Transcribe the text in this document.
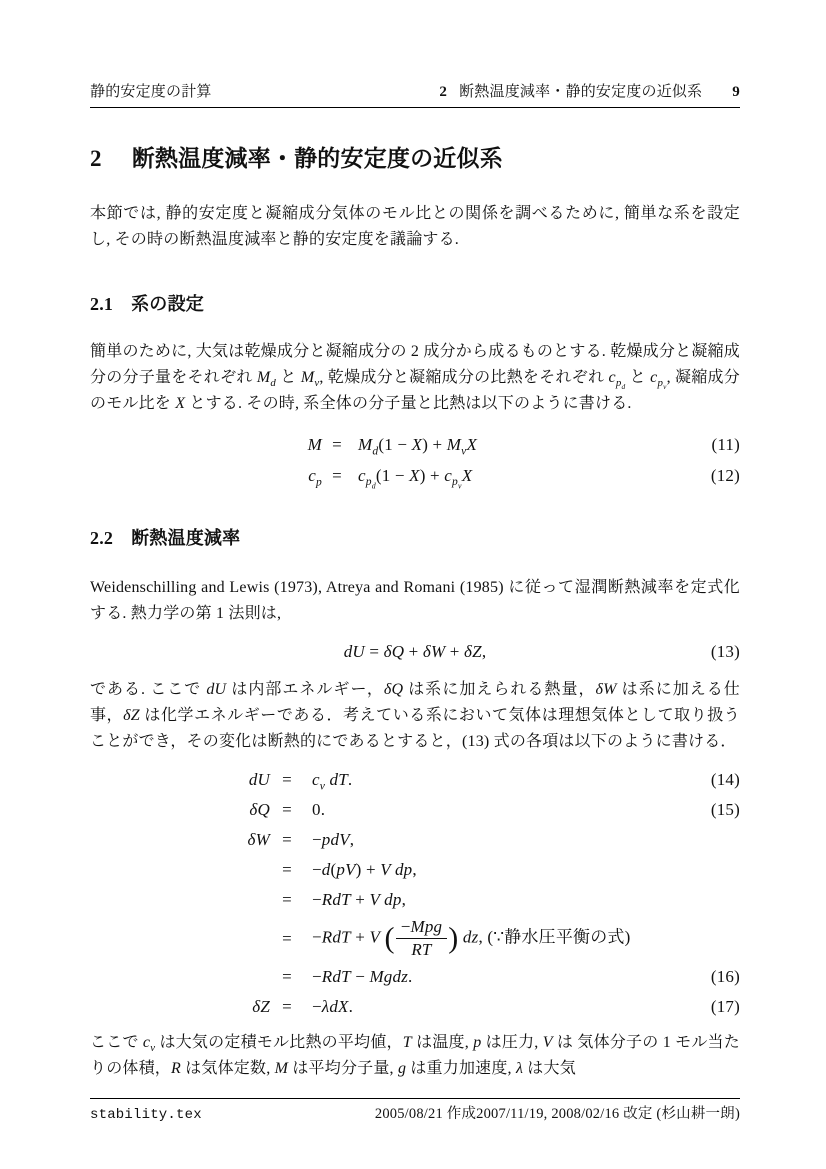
静的安定度の計算	2 断熱温度減率・静的安定度の近似系 9
2 断熱温度減率・静的安定度の近似系

本節では, 静的安定度と凝縮成分気体のモル比との関係を調べるために, 簡単な系を設定し, その時の断熱温度減率と静的安定度を議論する.

2.1 系の設定

簡単のために, 大気は乾燥成分と凝縮成分の 2 成分から成るものとする. 乾燥成分と凝縮成分の分子量をそれぞれ $M_d$ と $M_v$, 乾燥成分と凝縮成分の比熱をそれぞれ $c_{p_d}$ と $c_{p_v}$, 凝縮成分のモル比を X とする. その時, 系全体の分子量と比熱は以下のように書ける.

$M = M_d(1 - X) + M_vX$	(11)
$c_p = c_{p_d}(1 - X) + c_{p_v}X$	(12)
2.2 断熱温度減率

Weidenschilling and Lewis (1973), Atreya and Romani (1985) に従って湿潤断熱減率を定式化する. 熱力学の第 1 法則は,

dU = δQ + δW + δZ,	(13)

である. ここで dU は内部エネルギー，δQ は系に加えられる熱量，δW は系に加える仕事，δZ は化学エネルギーである．考えている系において気体は理想気体として取り扱うことができ，その変化は断熱的にであるとすると，(13) 式の各項は以下のように書ける．

dU =	$c_v$ dT.	(14)
δQ =	0.	(15)
δW =	−pdV,
=	−d(pV) + V dp,
=	−RdT + V dp,
=	−RdT + V ( $\frac{\text{−Mpg}}{RT}$ ) dz, (∵静水圧平衡の式)
=	−RdT − Mgdz.	(16)
δZ =	−λdX.	(17)

ここで $c_v$ は大気の定積モル比熱の平均値，T は温度, p は圧力, V は 気体分子の 1 モル当たりの体積，R は気体定数, M は平均分子量, g は重力加速度, λ は大気

stability.tex	2005/08/21 作成2007/11/19, 2008/02/16 改定 (杉山耕一朗)
